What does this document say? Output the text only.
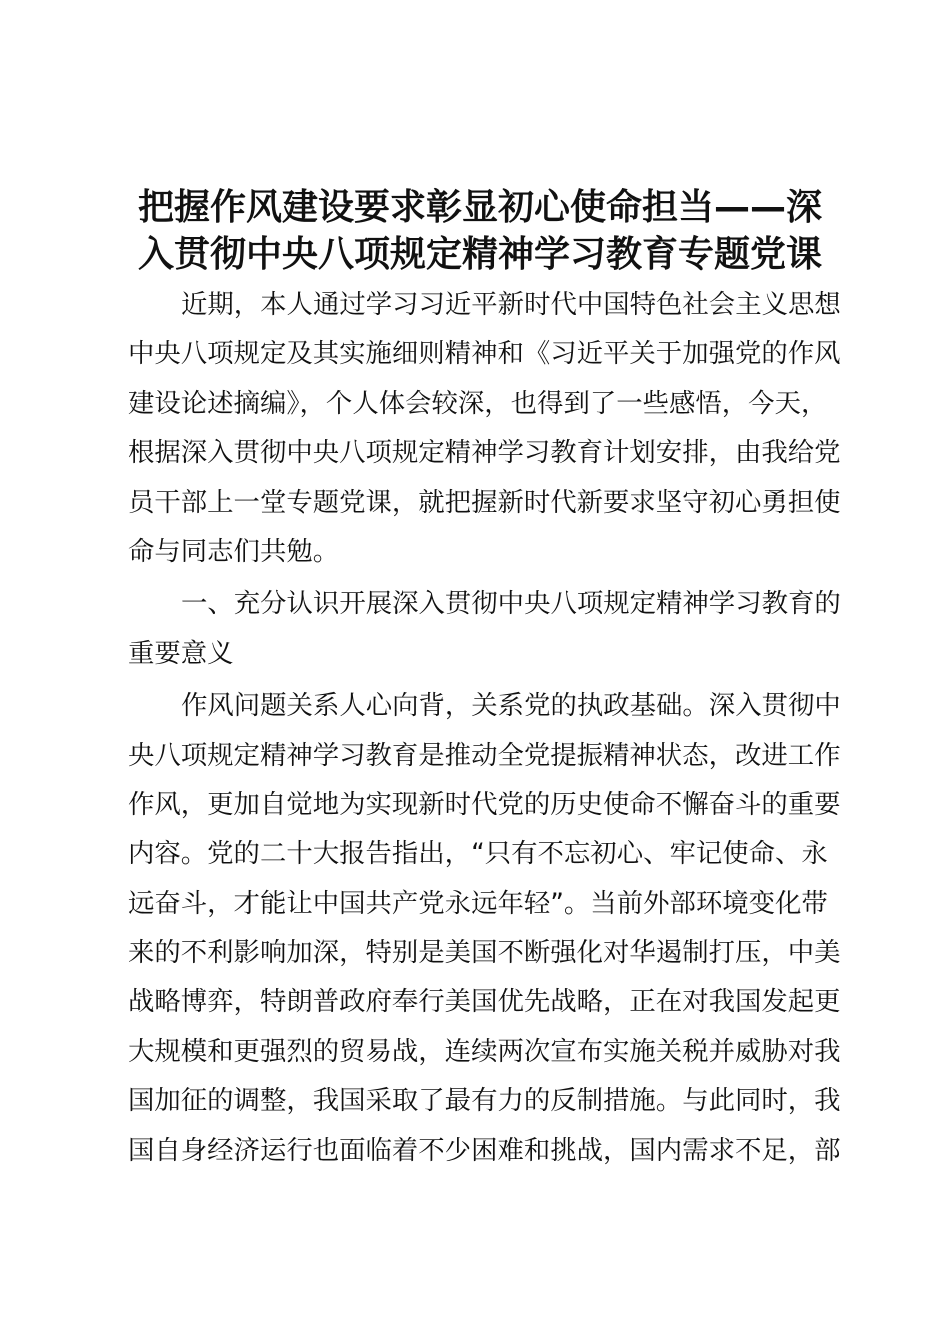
把握作风建设要求彰显初心使命担当——深
入贯彻中央八项规定精神学习教育专题党课
近期，本人通过学习习近平新时代中国特色社会主义思想
中央八项规定及其实施细则精神和《习近平关于加强党的作风
建设论述摘编》，个人体会较深，也得到了一些感悟，今天，
根据深入贯彻中央八项规定精神学习教育计划安排，由我给党
员干部上一堂专题党课，就把握新时代新要求坚守初心勇担使
命与同志们共勉。
一、充分认识开展深入贯彻中央八项规定精神学习教育的
重要意义
作风问题关系人心向背，关系党的执政基础。深入贯彻中
央八项规定精神学习教育是推动全党提振精神状态，改进工作
作风，更加自觉地为实现新时代党的历史使命不懈奋斗的重要
内容。党的二十大报告指出，“只有不忘初心、牢记使命、永
远奋斗，才能让中国共产党永远年轻”。当前外部环境变化带
来的不利影响加深，特别是美国不断强化对华遏制打压，中美
战略博弈，特朗普政府奉行美国优先战略，正在对我国发起更
大规模和更强烈的贸易战，连续两次宣布实施关税并威胁对我
国加征的调整，我国采取了最有力的反制措施。与此同时，我
国自身经济运行也面临着不少困难和挑战，国内需求不足，部
